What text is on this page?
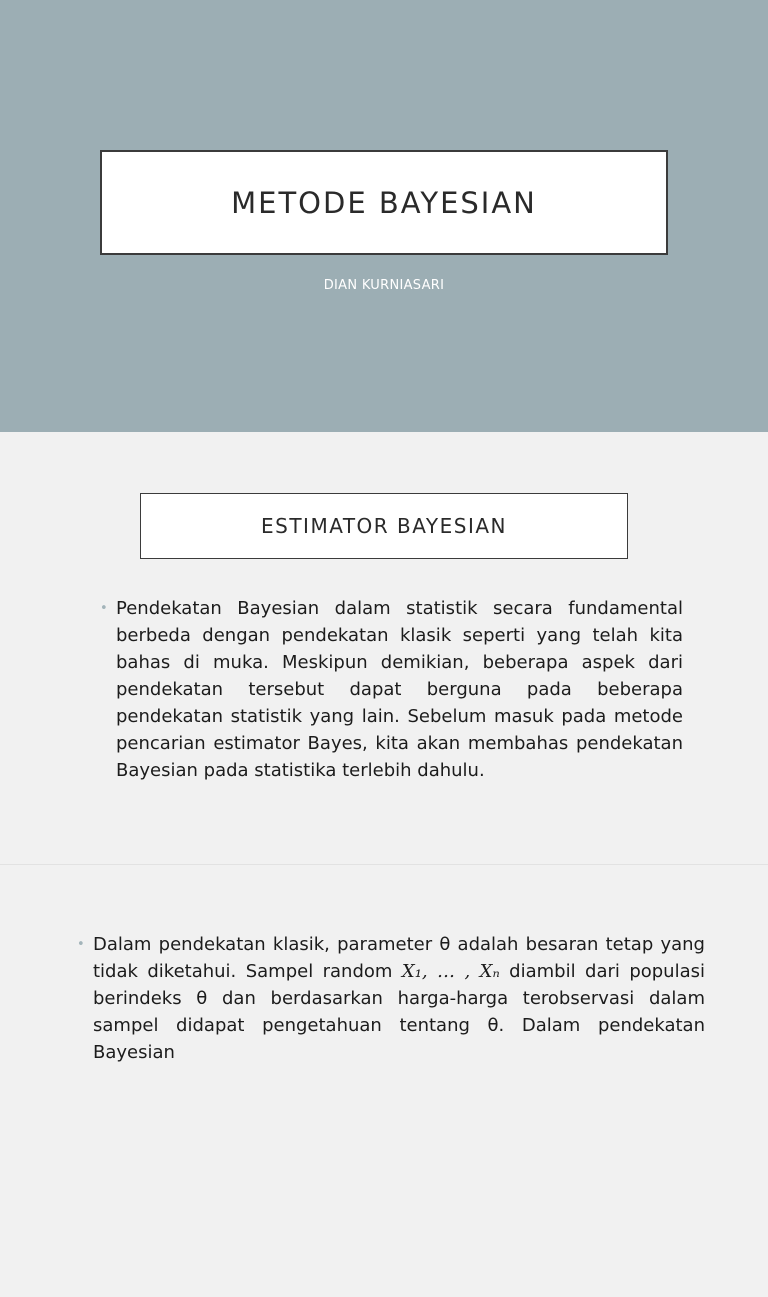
METODE BAYESIAN
DIAN KURNIASARI
ESTIMATOR BAYESIAN
• Pendekatan Bayesian dalam statistik secara fundamental berbeda dengan pendekatan klasik seperti yang telah kita bahas di muka. Meskipun demikian, beberapa aspek dari pendekatan tersebut dapat berguna pada beberapa pendekatan statistik yang lain. Sebelum masuk pada metode pencarian estimator Bayes, kita akan membahas pendekatan Bayesian pada statistika terlebih dahulu.
• Dalam pendekatan klasik, parameter θ adalah besaran tetap yang tidak diketahui. Sampel random X₁, … , Xₙ diambil dari populasi berindeks θ dan berdasarkan harga-harga terobservasi dalam sampel didapat pengetahuan tentang θ. Dalam pendekatan Bayesian
